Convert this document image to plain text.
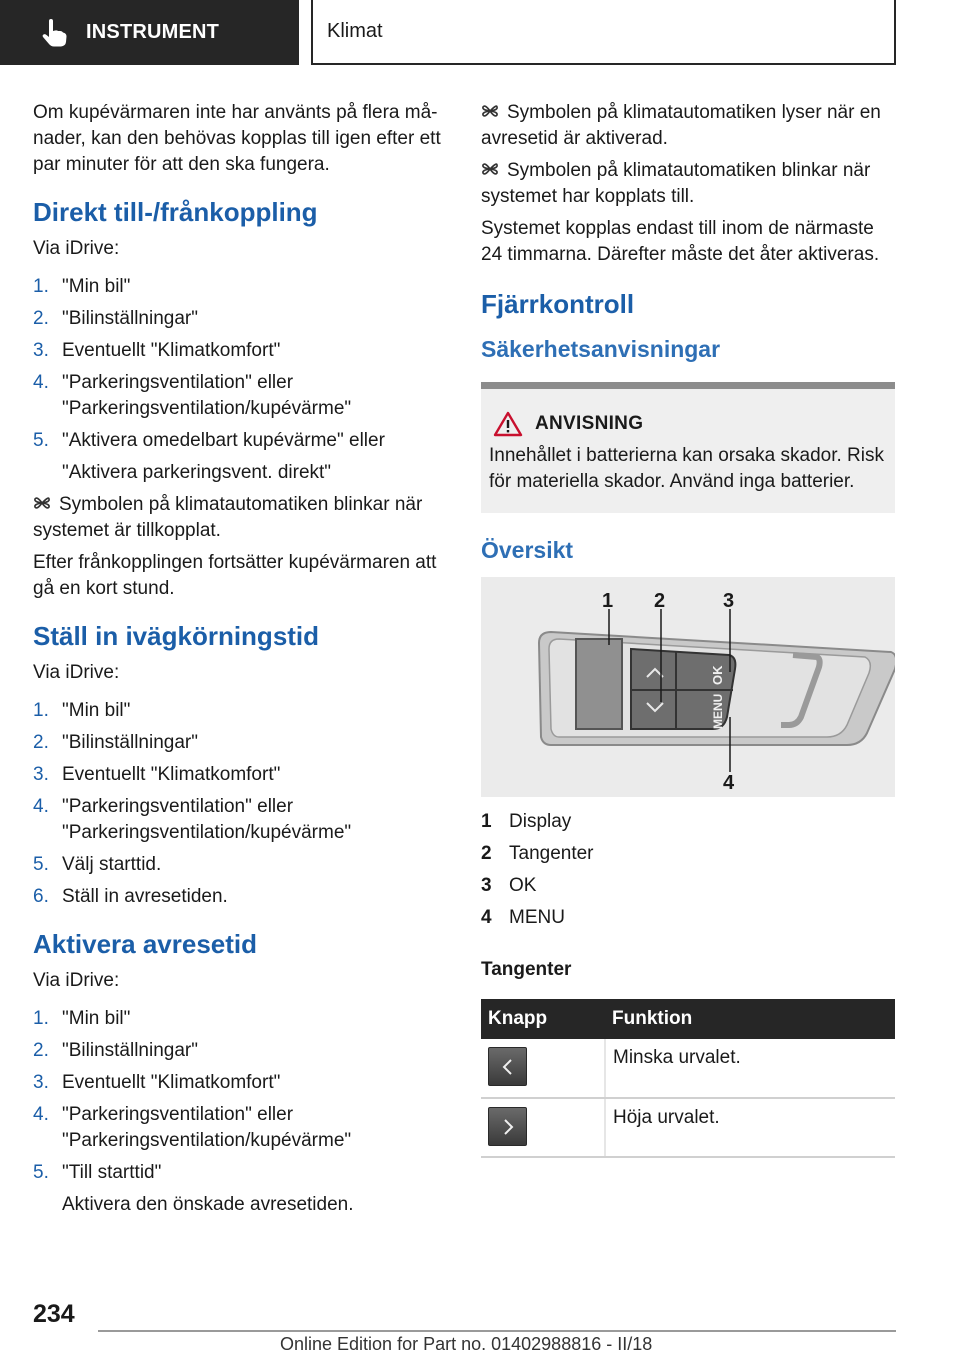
INSTRUMENT	Klimat

Om kupévärmaren inte har använts på flera månader, kan den behövas kopplas till igen efter ett par minuter för att den ska fungera.

Direkt till-/frånkoppling

Via iDrive:

1. "Min bil"
2. "Bilinställningar"
3. Eventuellt "Klimatkomfort"
4. "Parkeringsventilation" eller "Parkeringsventilation/kupévärme"
5. "Aktivera omedelbart kupévärme" eller
"Aktivera parkeringsvent. direkt"

Symbolen på klimatautomatiken blinkar när systemet är tillkopplat.

Efter frånkopplingen fortsätter kupévärmaren att gå en kort stund.

Ställ in ivägkörningstid

Via iDrive:

1. "Min bil"
2. "Bilinställningar"
3. Eventuellt "Klimatkomfort"
4. "Parkeringsventilation" eller "Parkeringsventilation/kupévärme"
5. Välj starttid.
6. Ställ in avresetiden.
Aktivera avresetid

Via iDrive:

1. "Min bil"
2. "Bilinställningar"
3. Eventuellt "Klimatkomfort"
4. "Parkeringsventilation" eller "Parkeringsventilation/kupévärme"
5. "Till starttid"
Aktivera den önskade avresetiden.

Symbolen på klimatautomatiken lyser när en avresetid är aktiverad.

Symbolen på klimatautomatiken blinkar när systemet har kopplats till.

Systemet kopplas endast till inom de närmaste 24 timmarna. Därefter måste det åter aktiveras.

Fjärrkontroll
Säkerhetsanvisningar
ANVISNING

Innehållet i batterierna kan orsaka skador. Risk för materiella skador. Använd inga batterier.

Översikt
OK
MENU
1 2	3
4
1 Display
2 Tangenter
3 OK
4 MENU

Tangenter

Knapp	Funktion

	Minska urvalet.

	Höja urvalet.
234
Online Edition for Part no. 01402988816 - II/18
